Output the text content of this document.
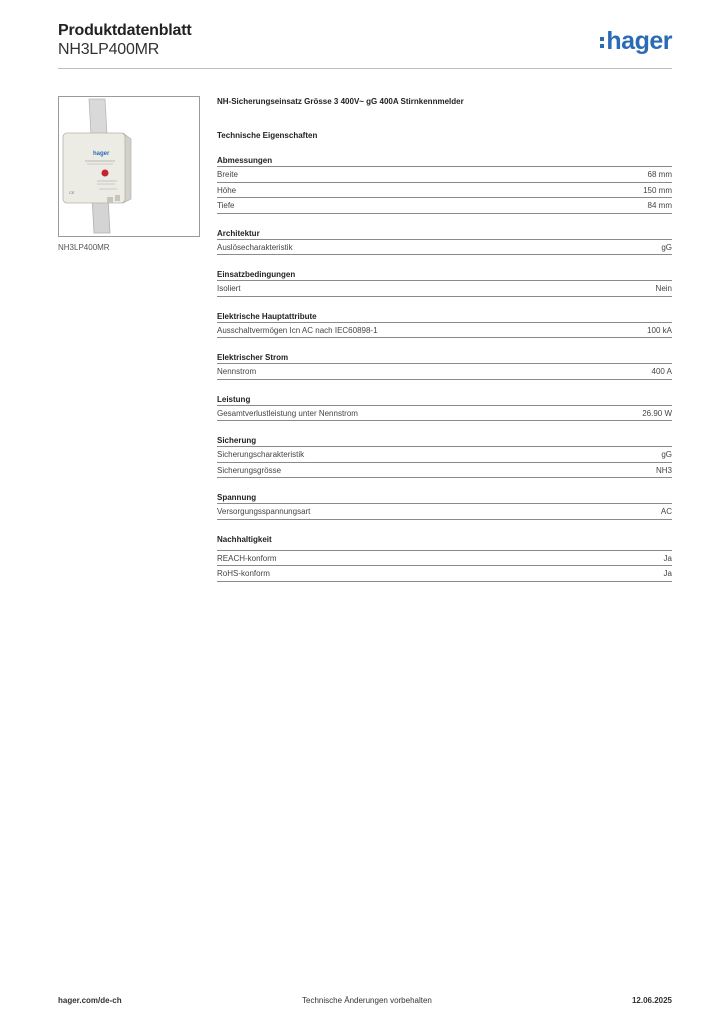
Produktdatenblatt
NH3LP400MR	hager
hager
CE
NH3LP400MR
NH-Sicherungseinsatz Grösse 3 400V~ gG 400A Stirnkennmelder
Technische Eigenschaften
Abmessungen
Breite	68 mm
Höhe	150 mm
Tiefe	84 mm
Architektur
Auslösecharakteristik	gG
Einsatzbedingungen
Isoliert	Nein
Elektrische Hauptattribute
Ausschaltvermögen Icn AC nach IEC60898-1	100 kA
Elektrischer Strom
Nennstrom	400 A
Leistung
Gesamtverlustleistung unter Nennstrom	26.90 W
Sicherung
Sicherungscharakteristik	gG
Sicherungsgrösse	NH3
Spannung
Versorgungsspannungsart	AC
Nachhaltigkeit
REACH-konform	Ja
RoHS-konform	Ja
hager.com/de-ch	Technische Änderungen vorbehalten	12.06.2025
